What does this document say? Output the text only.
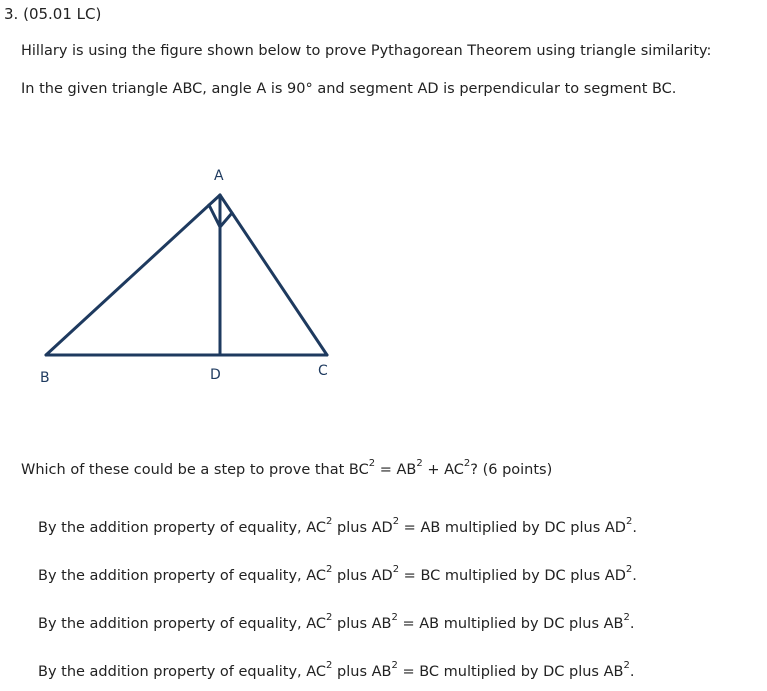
3. (05.01 LC)
Hillary is using the figure shown below to prove Pythagorean Theorem using triangle similarity:
In the given triangle ABC, angle A is 90° and segment AD is perpendicular to segment BC.
A
B	D	C
Which of these could be a step to prove that $BC^2 = AB^2 + AC^2$? (6 points)
By the addition property of equality, $AC^2$ plus $AD^2$ = AB multiplied by DC plus $AD^2$.
By the addition property of equality, $AC^2$ plus $AD^2$ = BC multiplied by DC plus $AD^2$.
By the addition property of equality, $AC^2$ plus $AB^2$ = AB multiplied by DC plus $AB^2$.
By the addition property of equality, $AC^2$ plus $AB^2$ = BC multiplied by DC plus $AB^2$.
